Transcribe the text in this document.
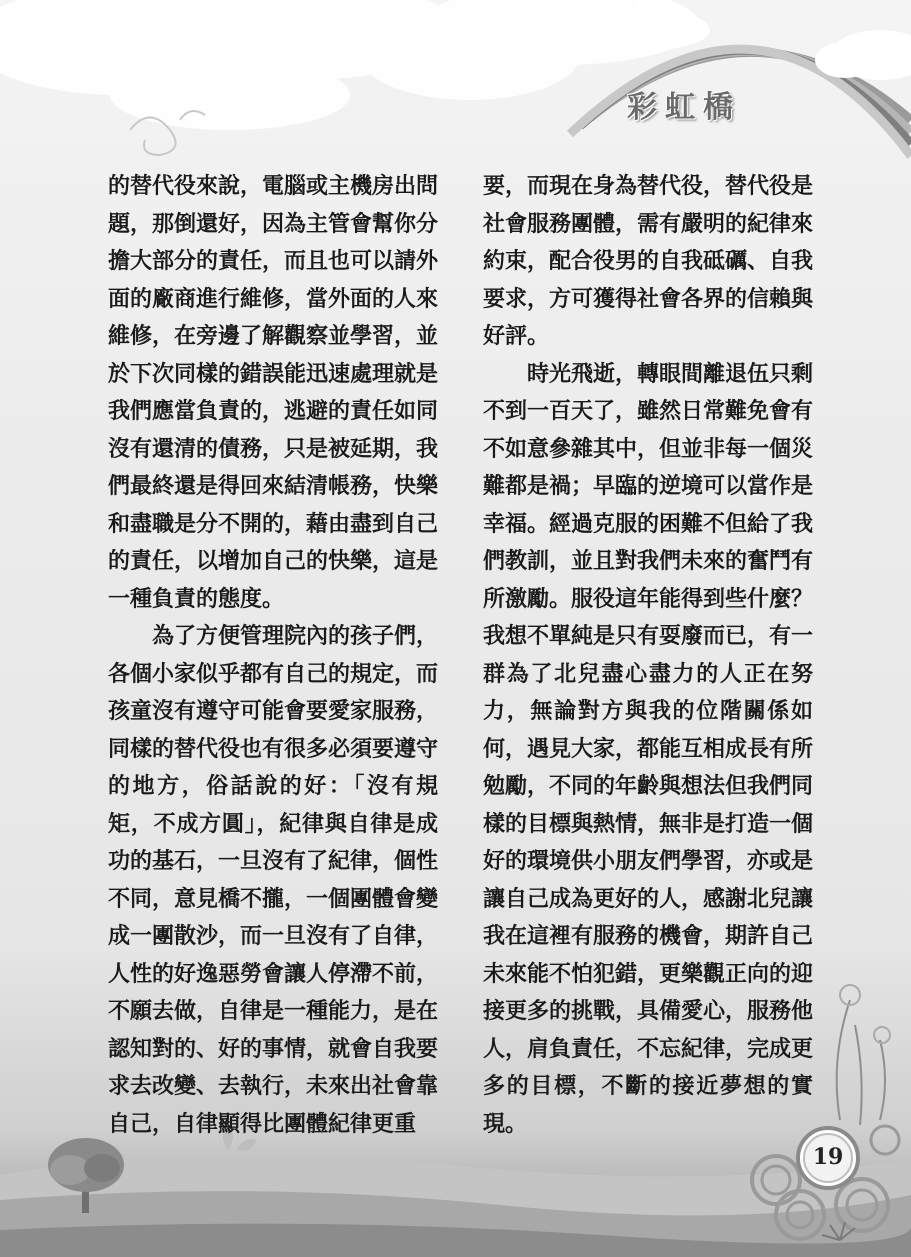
彩虹橋

的替代役來說，電腦或主機房出問題，那倒還好，因為主管會幫你分擔大部分的責任，而且也可以請外面的廠商進行維修，當外面的人來維修，在旁邊了解觀察並學習，並於下次同樣的錯誤能迅速處理就是我們應當負責的，逃避的責任如同沒有還清的債務，只是被延期，我們最終還是得回來結清帳務，快樂和盡職是分不開的，藉由盡到自己的責任，以增加自己的快樂，這是一種負責的態度。

為了方便管理院內的孩子們，各個小家似乎都有自己的規定，而孩童沒有遵守可能會要愛家服務，同樣的替代役也有很多必須要遵守的地方，俗話說的好：「沒有規矩，不成方圓」，紀律與自律是成功的基石，一旦沒有了紀律，個性不同，意見橋不攏，一個團體會變成一團散沙，而一旦沒有了自律，人性的好逸惡勞會讓人停滯不前，不願去做，自律是一種能力，是在認知對的、好的事情，就會自我要求去改變、去執行，未來出社會靠自己，自律顯得比團體紀律更重

要，而現在身為替代役，替代役是社會服務團體，需有嚴明的紀律來約束，配合役男的自我砥礪、自我要求，方可獲得社會各界的信賴與好評。

時光飛逝，轉眼間離退伍只剩不到一百天了，雖然日常難免會有不如意參雜其中，但並非每一個災難都是禍；早臨的逆境可以當作是幸福。經過克服的困難不但給了我們教訓，並且對我們未來的奮鬥有所激勵。服役這年能得到些什麼？我想不單純是只有耍廢而已，有一群為了北兒盡心盡力的人正在努力，無論對方與我的位階關係如何，遇見大家，都能互相成長有所勉勵，不同的年齡與想法但我們同樣的目標與熱情，無非是打造一個好的環境供小朋友們學習，亦或是讓自己成為更好的人，感謝北兒讓我在這裡有服務的機會，期許自己未來能不怕犯錯，更樂觀正向的迎接更多的挑戰，具備愛心，服務他人，肩負責任，不忘紀律，完成更多的目標，不斷的接近夢想的實現。

19
